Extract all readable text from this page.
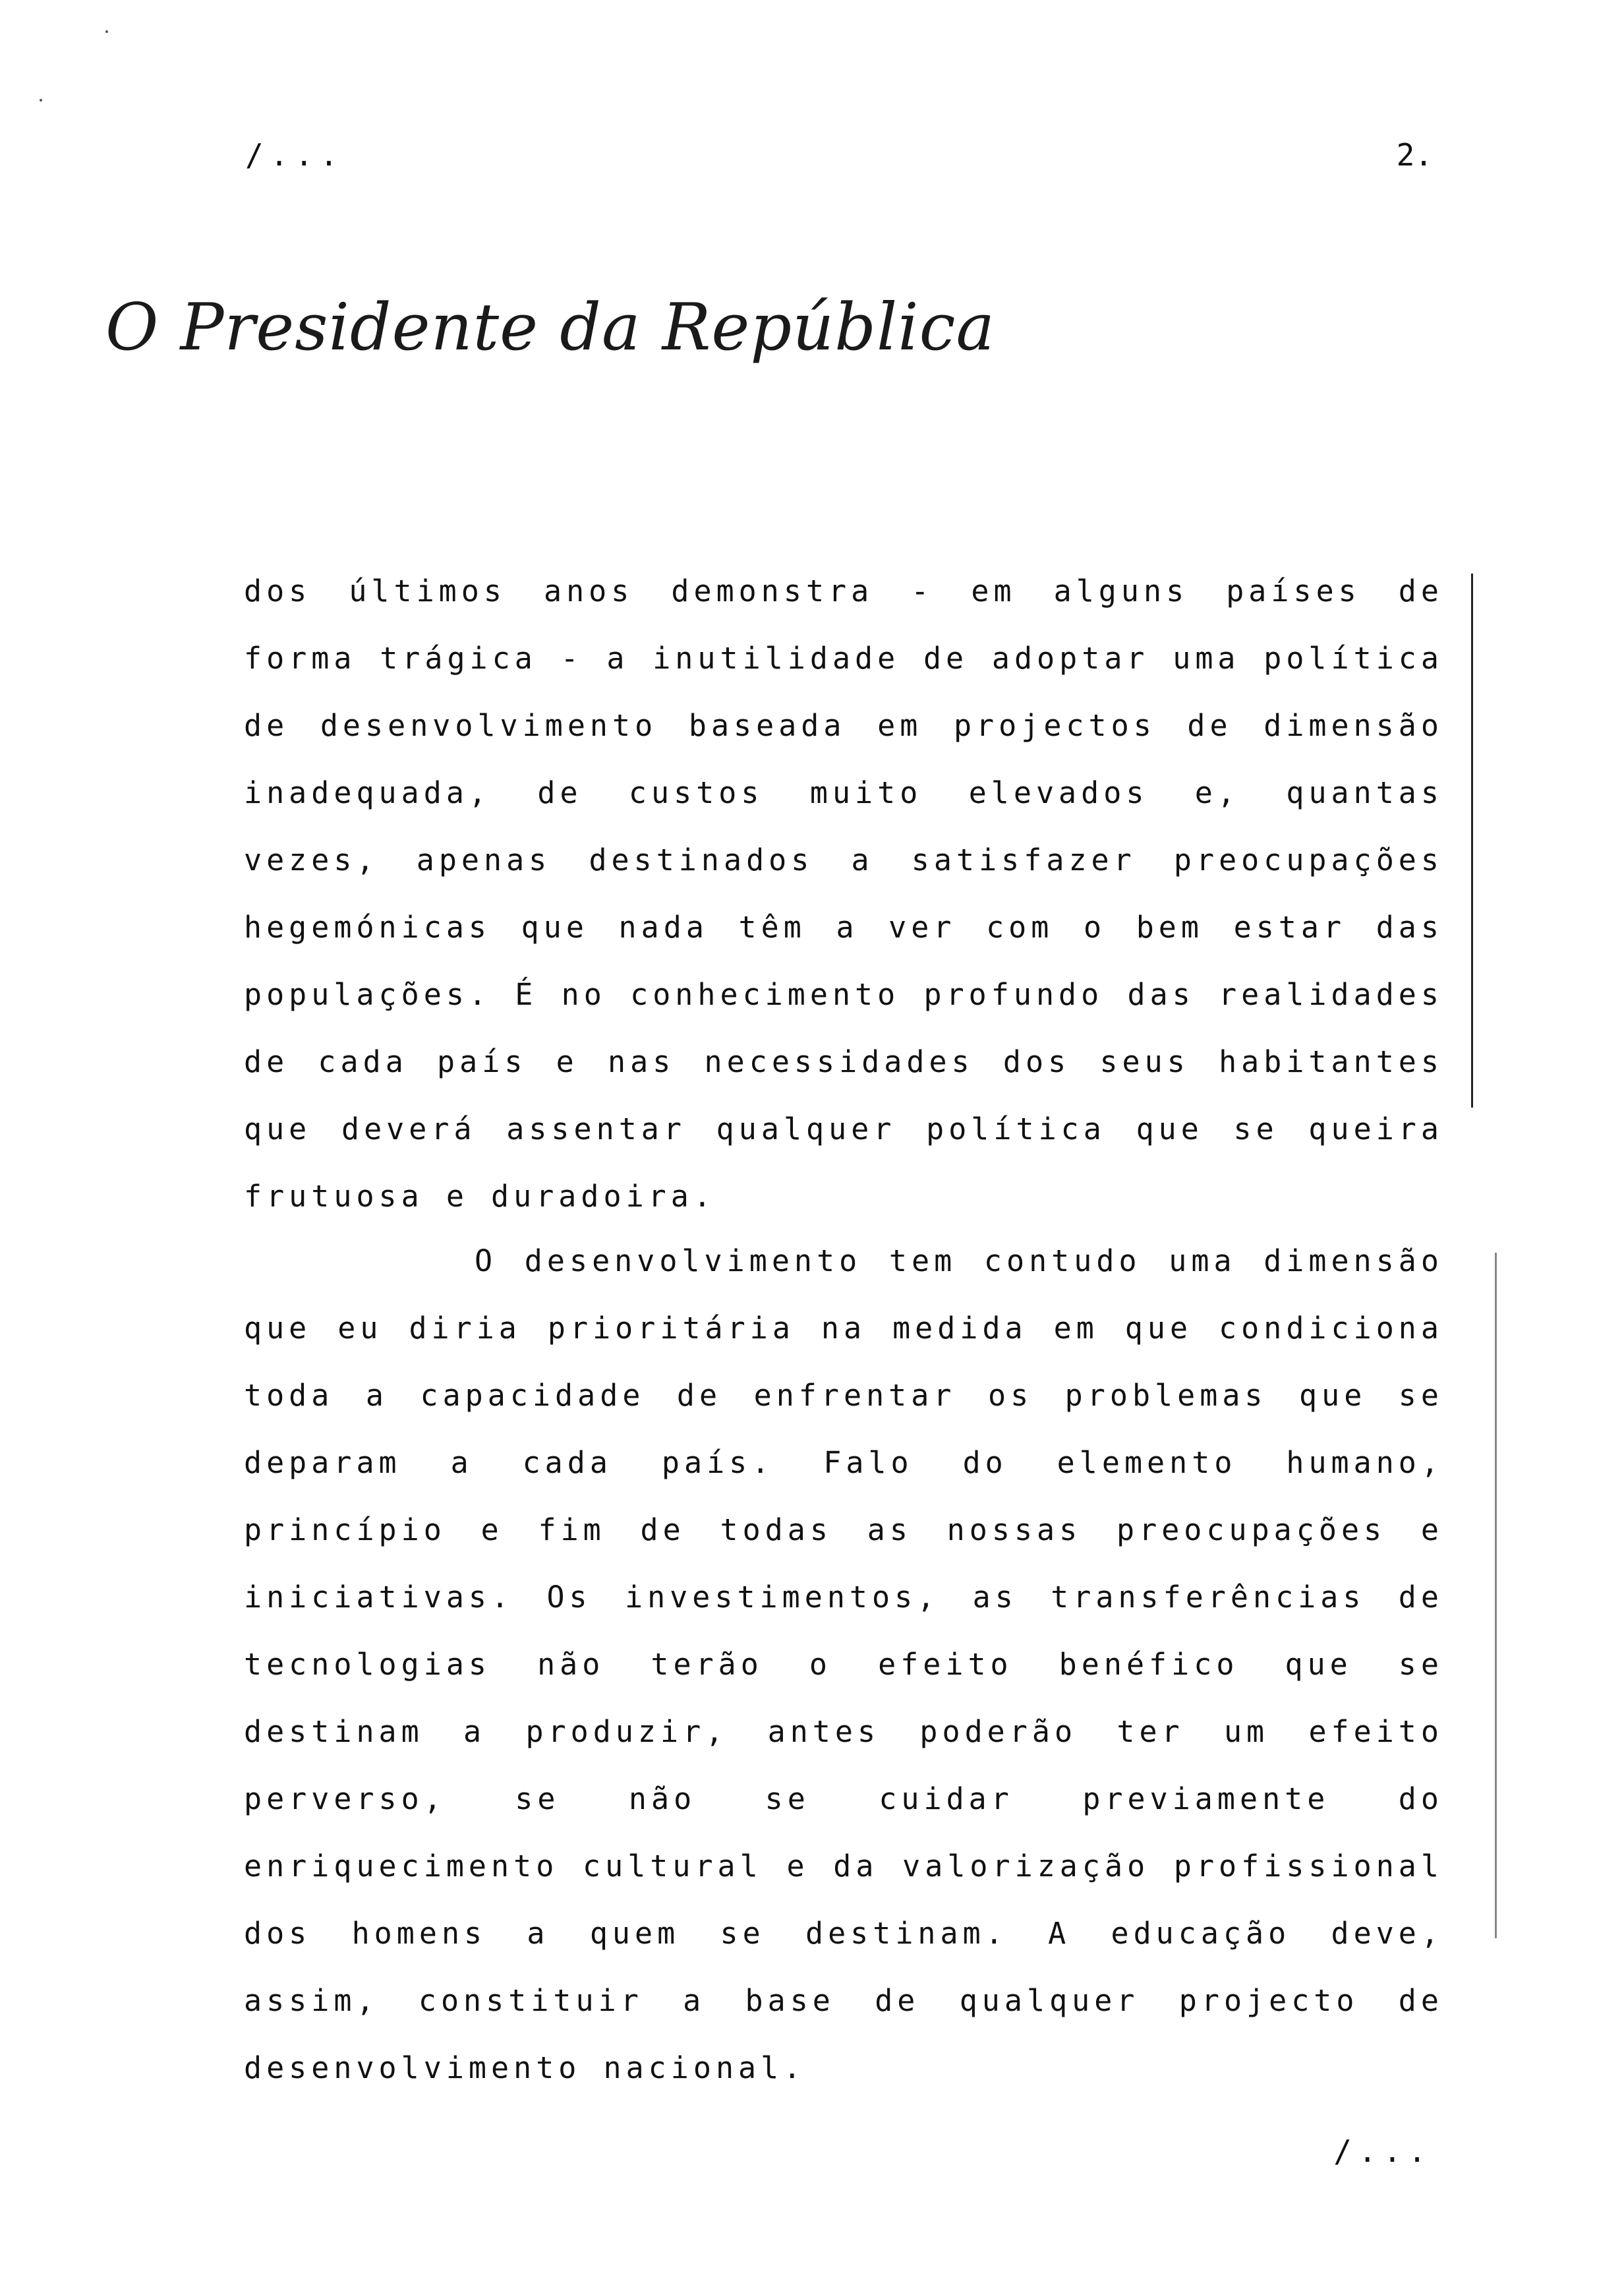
/...	2.
O Presidente da República

dos últimos anos demonstra - em alguns países de forma trágica - a inutilidade de adoptar uma política de desenvolvimento baseada em projectos de dimensão inadequada, de custos muito elevados e, quantas vezes, apenas destinados a satisfazer preocupações hegemónicas que nada têm a ver com o bem estar das populações. É no conhecimento profundo das realidades de cada país e nas necessidades dos seus habitantes que deverá assentar qualquer política que se queira frutuosa e duradoira.

O desenvolvimento tem contudo uma dimensão que eu diria prioritária na medida em que condiciona toda a capacidade de enfrentar os problemas que se deparam a cada país. Falo do elemento humano, princípio e fim de todas as nossas preocupações e iniciativas. Os investimentos, as transferências de tecnologias não terão o efeito benéfico que se destinam a produzir, antes poderão ter um efeito perverso, se não se cuidar previamente do enriquecimento cultural e da valorização profissional dos homens a quem se destinam. A educação deve, assim, constituir a base de qualquer projecto de desenvolvimento nacional.

/...
